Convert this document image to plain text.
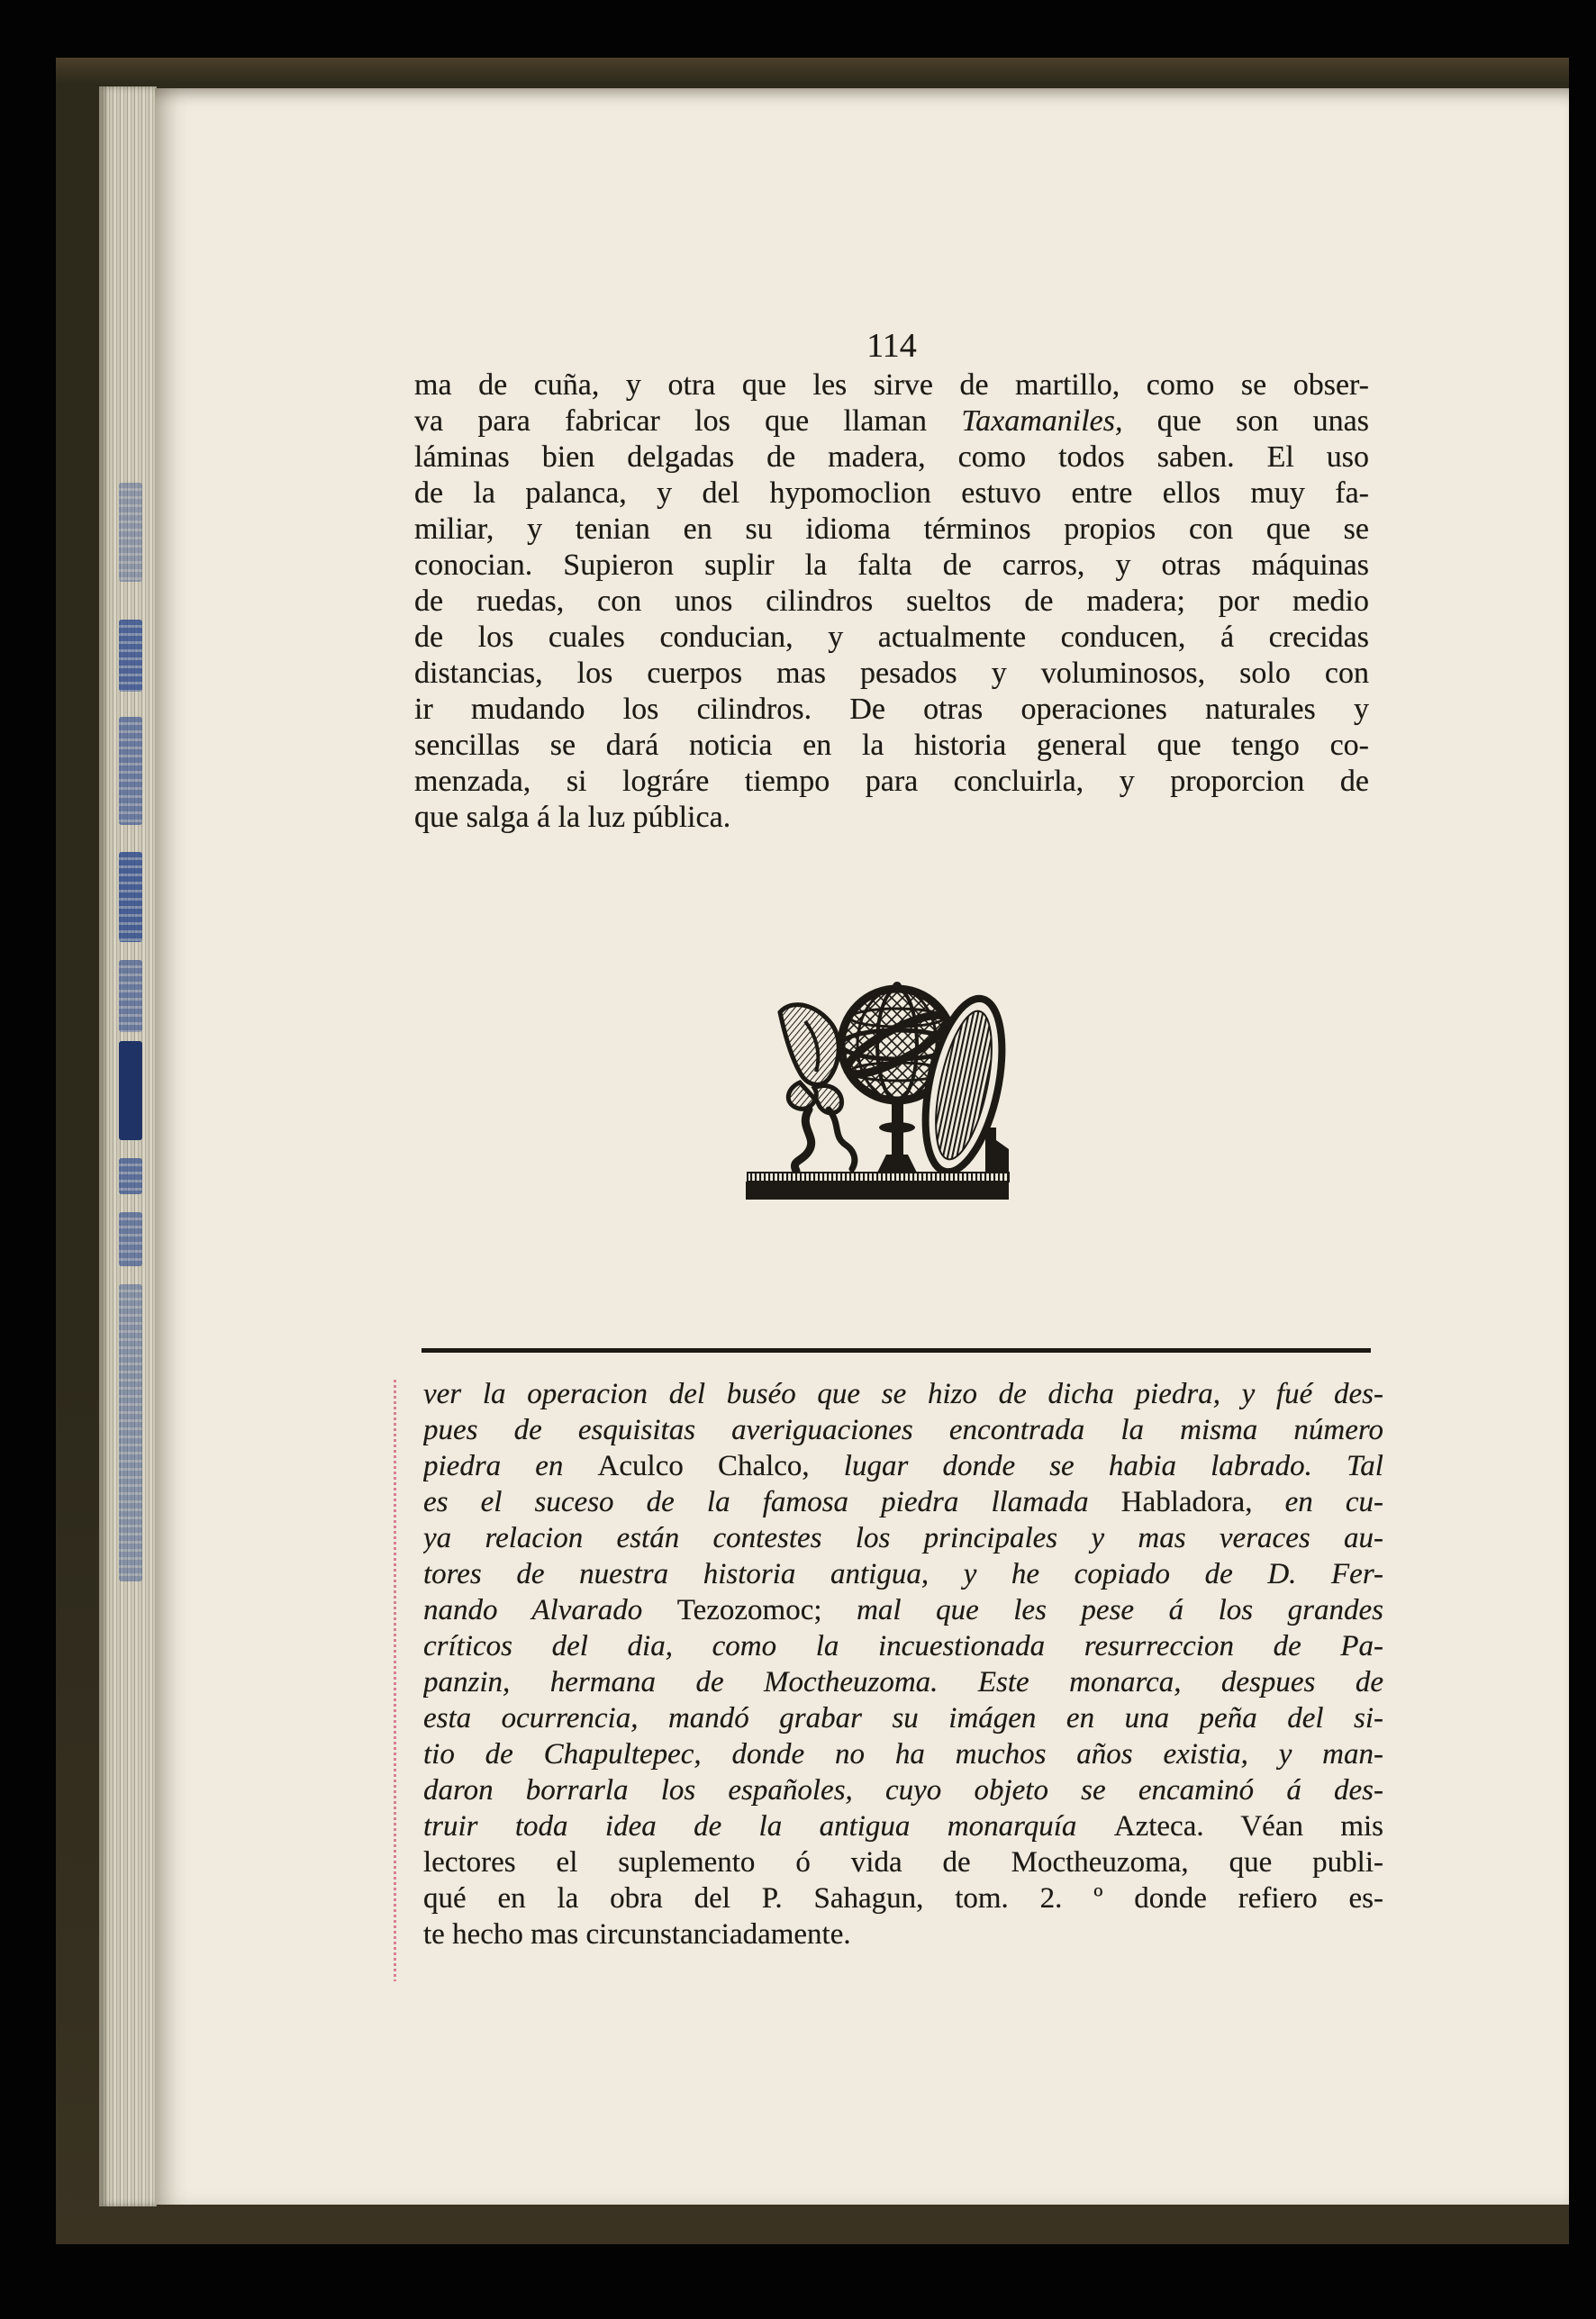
114
ma de cuña, y otra que les sirve de martillo, como se obser-
va para fabricar los que llaman Taxamaniles, que son unas
láminas bien delgadas de madera, como todos saben. El uso
de la palanca, y del hypomoclion estuvo entre ellos muy fa-
miliar, y tenian en su idioma términos propios con que se
conocian. Supieron suplir la falta de carros, y otras máquinas
de ruedas, con unos cilindros sueltos de madera; por medio
de los cuales conducian, y actualmente conducen, á crecidas
distancias, los cuerpos mas pesados y voluminosos, solo con
ir mudando los cilindros. De otras operaciones naturales y
sencillas se dará noticia en la historia general que tengo co-
menzada, si lográre tiempo para concluirla, y proporcion de
que salga á la luz pública.
ver la operacion del buséo que se hizo de dicha piedra, y fué des-
pues de esquisitas averiguaciones encontrada la misma número
piedra en Aculco Chalco, lugar donde se habia labrado. Tal
es el suceso de la famosa piedra llamada Habladora, en cu-
ya relacion están contestes los principales y mas veraces au-
tores de nuestra historia antigua, y he copiado de D. Fer-
nando Alvarado Tezozomoc; mal que les pese á los grandes
críticos del dia, como la incuestionada resurreccion de Pa-
panzin, hermana de Moctheuzoma. Este monarca, despues de
esta ocurrencia, mandó grabar su imágen en una peña del si-
tio de Chapultepec, donde no ha muchos años existia, y man-
daron borrarla los españoles, cuyo objeto se encaminó á des-
truir toda idea de la antigua monarquía Azteca. Véan mis
lectores el suplemento ó vida de Moctheuzoma, que publi-
qué en la obra del P. Sahagun, tom. 2. º donde refiero es-
te hecho mas circunstanciadamente.
